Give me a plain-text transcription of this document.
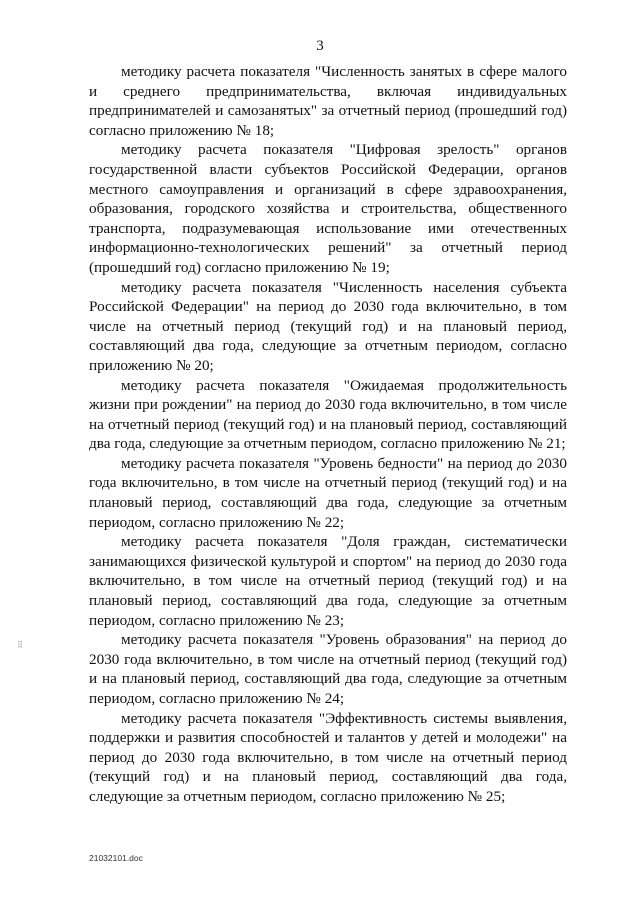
3

методику расчета показателя "Численность занятых в сфере малого и среднего предпринимательства, включая индивидуальных предпринимателей и самозанятых" за отчетный период (прошедший год) согласно приложению № 18;

методику расчета показателя "Цифровая зрелость" органов государственной власти субъектов Российской Федерации, органов местного самоуправления и организаций в сфере здравоохранения, образования, городского хозяйства и строительства, общественного транспорта, подразумевающая использование ими отечественных информационно-технологических решений" за отчетный период (прошедший год) согласно приложению № 19;

методику расчета показателя "Численность населения субъекта Российской Федерации" на период до 2030 года включительно, в том числе на отчетный период (текущий год) и на плановый период, составляющий два года, следующие за отчетным периодом, согласно приложению № 20;

методику расчета показателя "Ожидаемая продолжительность жизни при рождении" на период до 2030 года включительно, в том числе на отчетный период (текущий год) и на плановый период, составляющий два года, следующие за отчетным периодом, согласно приложению № 21;

методику расчета показателя "Уровень бедности" на период до 2030 года включительно, в том числе на отчетный период (текущий год) и на плановый период, составляющий два года, следующие за отчетным периодом, согласно приложению № 22;

методику расчета показателя "Доля граждан, систематически занимающихся физической культурой и спортом" на период до 2030 года включительно, в том числе на отчетный период (текущий год) и на плановый период, составляющий два года, следующие за отчетным периодом, согласно приложению № 23;

методику расчета показателя "Уровень образования" на период до 2030 года включительно, в том числе на отчетный период (текущий год) и на плановый период, составляющий два года, следующие за отчетным периодом, согласно приложению № 24;

методику расчета показателя "Эффективность системы выявления, поддержки и развития способностей и талантов у детей и молодежи" на период до 2030 года включительно, в том числе на отчетный период (текущий год) и на плановый период, составляющий два года, следующие за отчетным периодом, согласно приложению № 25;

101
21032101.doc
